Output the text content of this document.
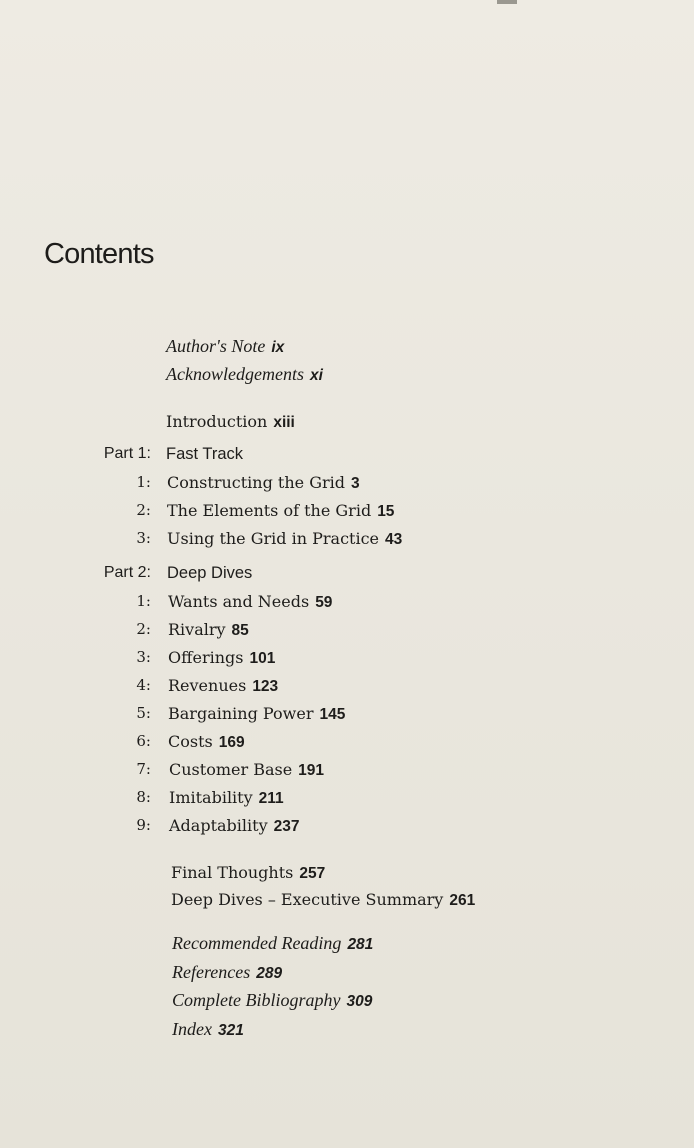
Contents
Author's Note ix
Acknowledgements xi
Introduction xiii
Part 1: Fast Track
1: Constructing the Grid 3
2: The Elements of the Grid 15
3: Using the Grid in Practice 43
Part 2: Deep Dives
1: Wants and Needs 59
2: Rivalry 85
3: Offerings 101
4: Revenues 123
5: Bargaining Power 145
6: Costs 169
7: Customer Base 191
8: Imitability 211
9: Adaptability 237
Final Thoughts 257
Deep Dives – Executive Summary 261
Recommended Reading 281
References 289
Complete Bibliography 309
Index 321
